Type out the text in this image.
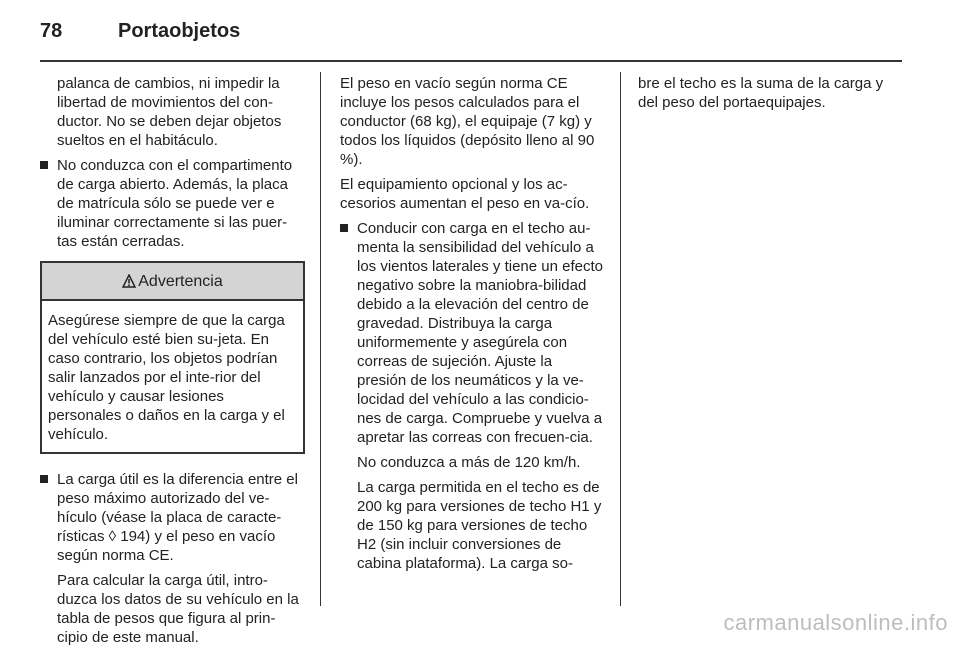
78	Portaobjetos

palanca de cambios, ni impedir la libertad de movimientos del con-ductor. No se deben dejar objetos sueltos en el habitáculo.

No conduzca con el compartimento de carga abierto. Además, la placa de matrícula sólo se puede ver e iluminar correctamente si las puer-tas están cerradas.
Advertencia
Asegúrese siempre de que la carga del vehículo esté bien su-jeta. En caso contrario, los objetos podrían salir lanzados por el inte-rior del vehículo y causar lesiones personales o daños en la carga y el vehículo.
La carga útil es la diferencia entre el peso máximo autorizado del ve-hículo (véase la placa de caracte-rísticas ◊ 194) y el peso en vacío según norma CE.

Para calcular la carga útil, intro-duzca los datos de su vehículo en la tabla de pesos que figura al prin-cipio de este manual.

El peso en vacío según norma CE incluye los pesos calculados para el conductor (68 kg), el equipaje (7 kg) y todos los líquidos (depósito lleno al 90 %).

El equipamiento opcional y los ac-cesorios aumentan el peso en va-cío.

Conducir con carga en el techo au-menta la sensibilidad del vehículo a los vientos laterales y tiene un efecto negativo sobre la maniobra-bilidad debido a la elevación del centro de gravedad. Distribuya la carga uniformemente y asegúrela con correas de sujeción. Ajuste la presión de los neumáticos y la ve-locidad del vehículo a las condicio-nes de carga. Compruebe y vuelva a apretar las correas con frecuen-cia.

No conduzca a más de 120 km/h.

La carga permitida en el techo es de 200 kg para versiones de techo H1 y de 150 kg para versiones de techo H2 (sin incluir conversiones de cabina plataforma). La carga so-

bre el techo es la suma de la carga y del peso del portaequipajes.

carmanualsonline.info
